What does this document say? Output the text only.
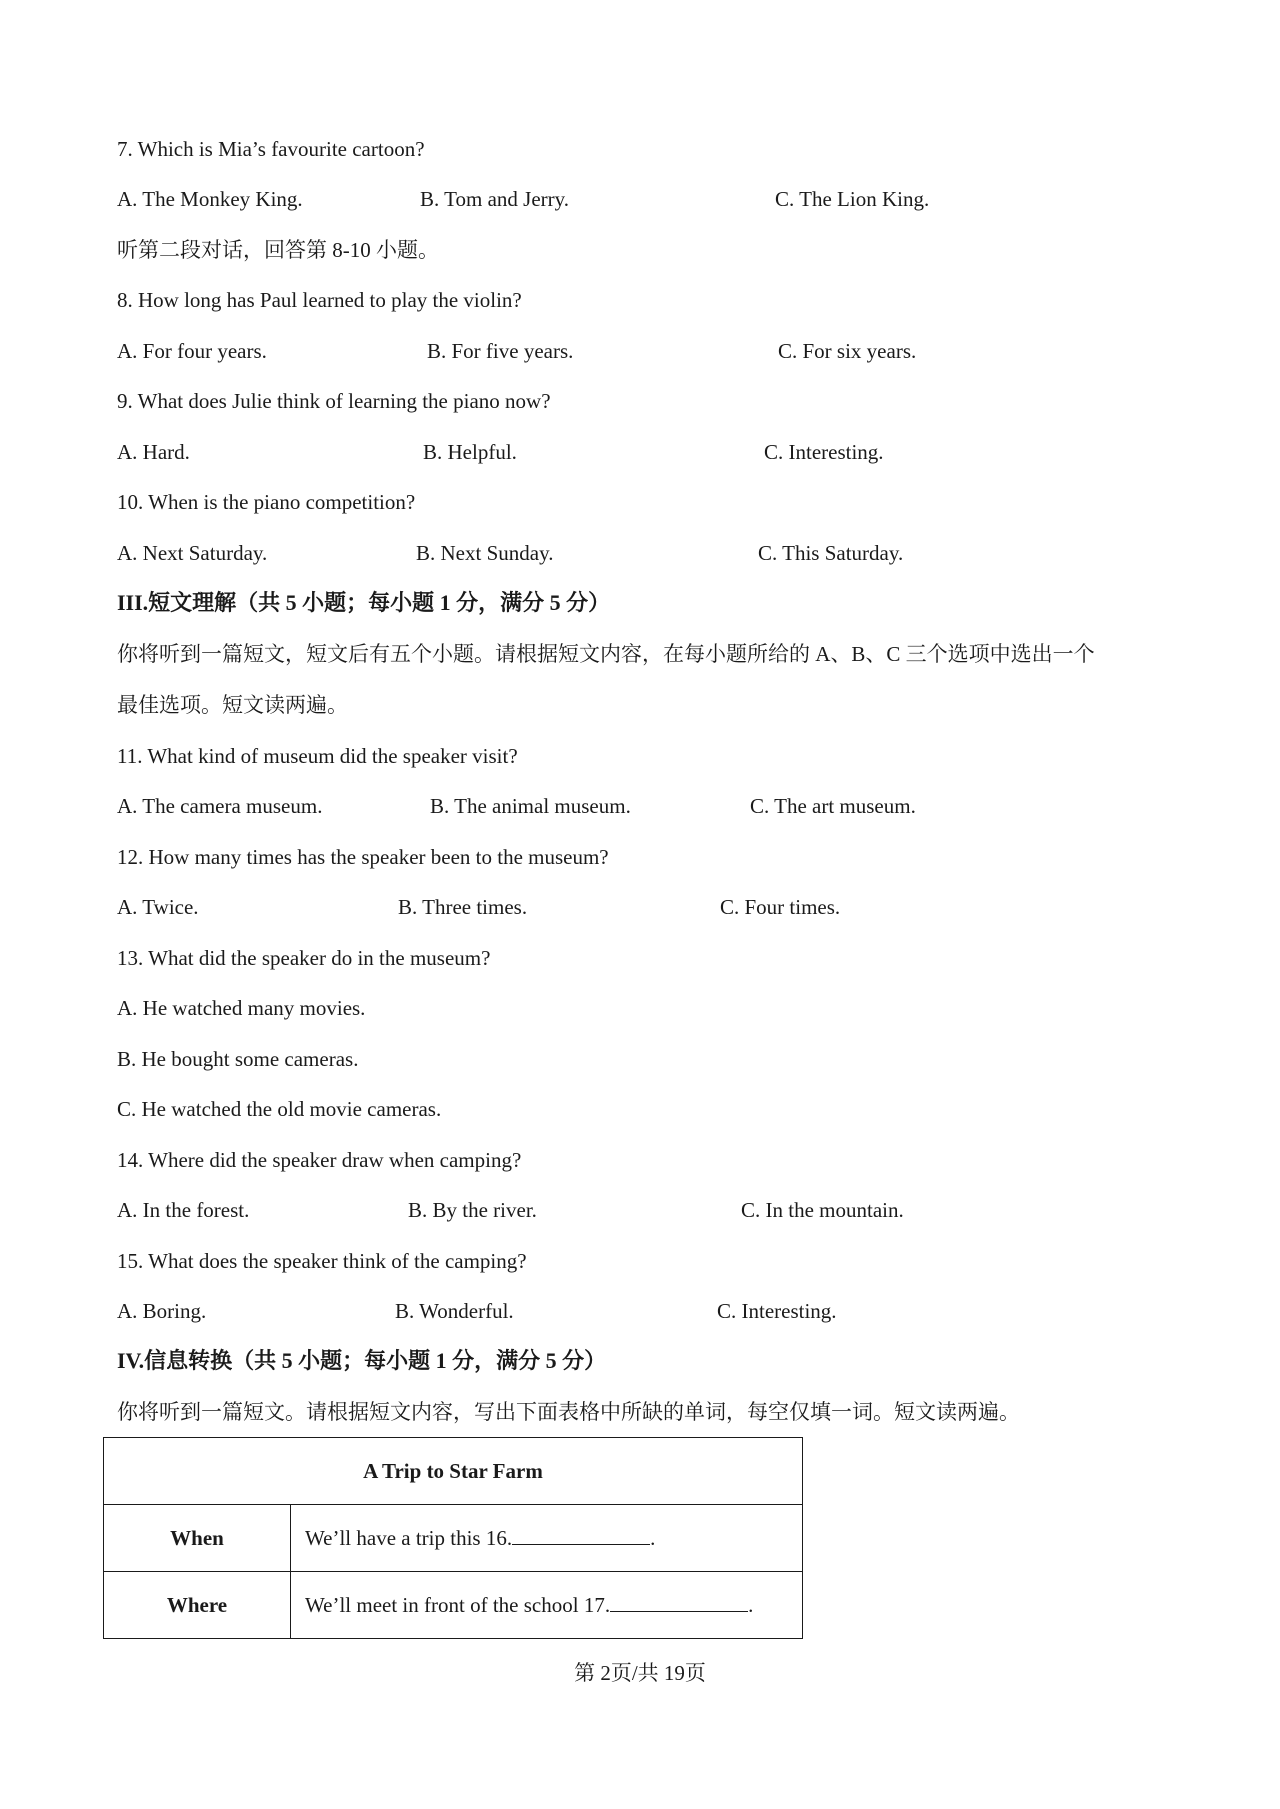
7. Which is Mia’s favourite cartoon?
A. The Monkey King.	B. Tom and Jerry.	C. The Lion King.
听第二段对话，回答第 8-10 小题。
8. How long has Paul learned to play the violin?
A. For four years.	B. For five years.	C. For six years.
9. What does Julie think of learning the piano now?
A. Hard.	B. Helpful.	C. Interesting.
10. When is the piano competition?
A. Next Saturday.	B. Next Sunday.	C. This Saturday.
III.短文理解（共 5 小题；每小题 1 分，满分 5 分）
你将听到一篇短文，短文后有五个小题。请根据短文内容，在每小题所给的 A、B、C 三个选项中选出一个
最佳选项。短文读两遍。
11. What kind of museum did the speaker visit?
A. The camera museum.	B. The animal museum.	C. The art museum.
12. How many times has the speaker been to the museum?
A. Twice.	B. Three times.	C. Four times.
13. What did the speaker do in the museum?
A. He watched many movies.
B. He bought some cameras.
C. He watched the old movie cameras.
14. Where did the speaker draw when camping?
A. In the forest.	B. By the river.	C. In the mountain.
15. What does the speaker think of the camping?
A. Boring.	B. Wonderful.	C. Interesting.
IV.信息转换（共 5 小题；每小题 1 分，满分 5 分）
你将听到一篇短文。请根据短文内容，写出下面表格中所缺的单词，每空仅填一词。短文读两遍。
A Trip to Star Farm	
When	We’ll have a trip this 16. .
Where	We’ll meet in front of the school 17. .
第 2页/共 19页
